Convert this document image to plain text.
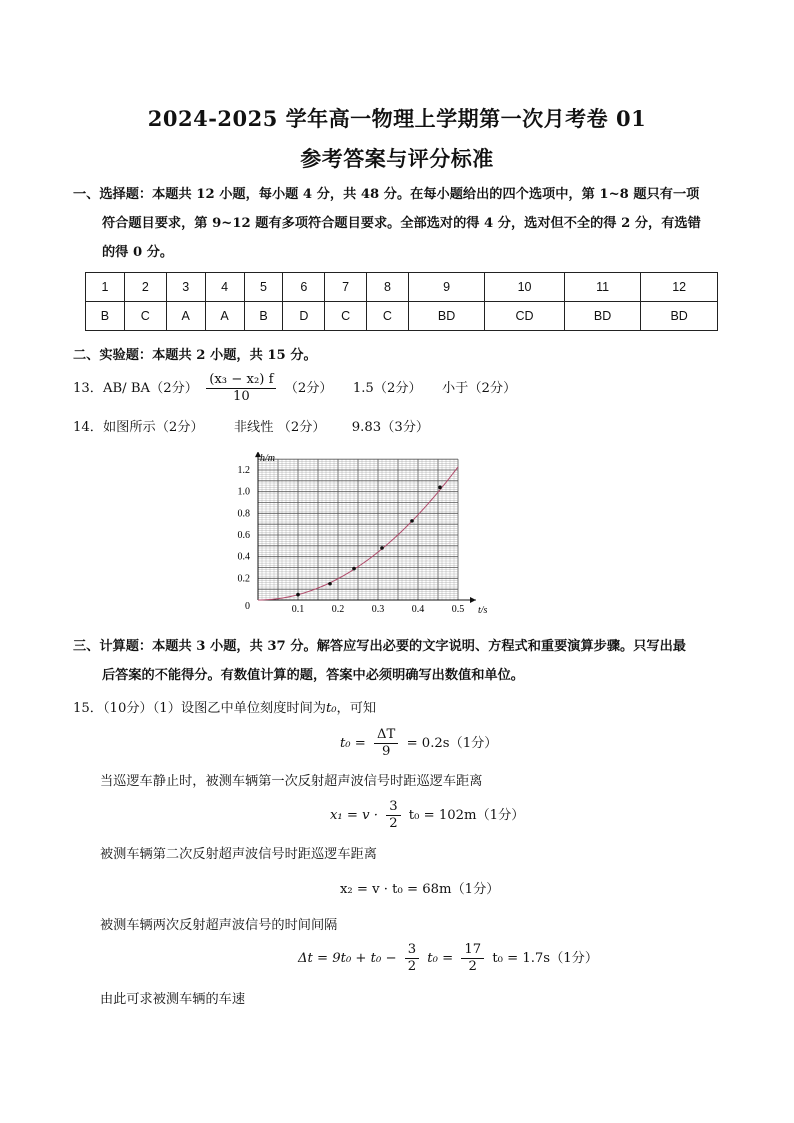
2024-2025 学年高一物理上学期第一次月考卷 01
参考答案与评分标准
一、选择题：本题共 12 小题，每小题 4 分，共 48 分。在每小题给出的四个选项中，第 1~8 题只有一项
符合题目要求，第 9~12 题有多项符合题目要求。全部选对的得 4 分，选对但不全的得 2 分，有选错
的得 0 分。
1	2	3	4	5	6	7	8	9	10	11	12
B	C	A	A	B	D	C	C	BD	CD	BD	BD
二、实验题：本题共 2 小题，共 15 分。
13．AB/ BA（2分） $\frac{\text{(x₃ − x₂) f}}{10} (2$分） 1.5（2分） 小于（2分）
14．如图所示（2分） 非线性 （2分） 9.83（3分）
0.1	0.2	0.3	0.4	0.5
0.2
0.4
0.6
0.8
1.0
1.2
h/m
t/s
0
三、计算题：本题共 3 小题，共 37 分。解答应写出必要的文字说明、方程式和重要演算步骤。只写出最
后答案的不能得分。有数值计算的题，答案中必须明确写出数值和单位。
15．（10分）（1）设图乙中单位刻度时间为t₀，可知
$t_0 = \frac{\Delta T}{9} = 0.2s(1$分）
当巡逻车静止时，被测车辆第一次反射超声波信号时距巡逻车距离
$x_1 = v \cdot \frac{3}{2} t_0 = 102m(1$分）
被测车辆第二次反射超声波信号时距巡逻车距离
x₂ = v · t₀ = 68m（1分）
被测车辆两次反射超声波信号的时间间隔
$\Delta t = 9t_0 + t_0 - \frac{3}{2} t_0 = \frac{17}{2} t_0 = 1.7s(1$分）
由此可求被测车辆的车速
